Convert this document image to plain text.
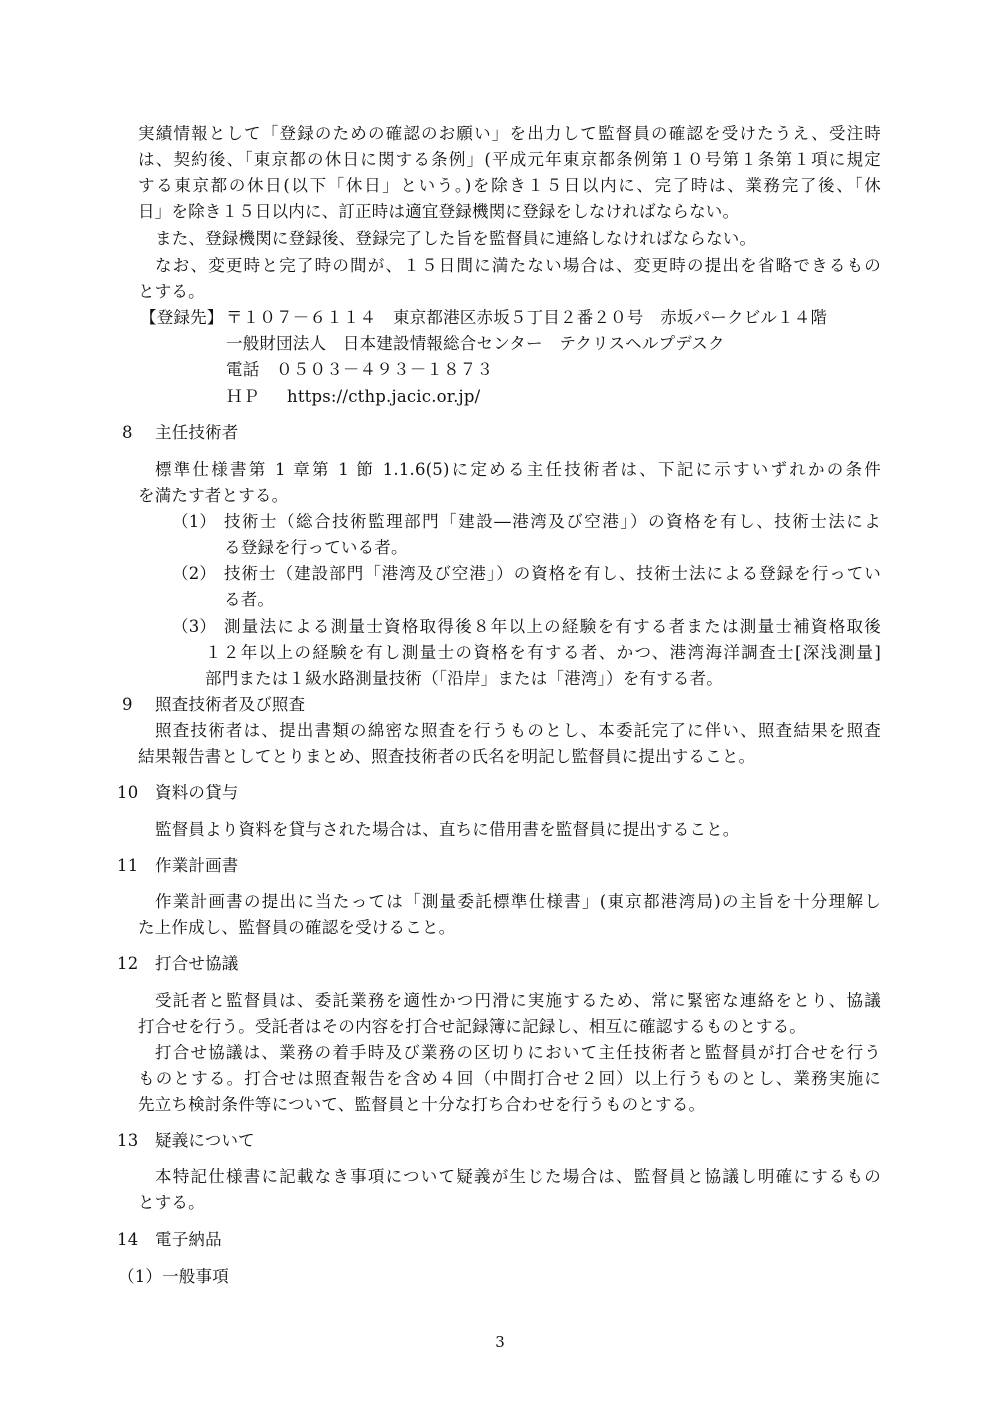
実績情報として「登録のための確認のお願い」を出力して監督員の確認を受けたうえ、受注時

は、契約後、「東京都の休日に関する条例」(平成元年東京都条例第１０号第１条第１項に規定

する東京都の休日(以下「休日」という。)を除き１５日以内に、完了時は、業務完了後、「休

日」を除き１５日以内に、訂正時は適宜登録機関に登録をしなければならない。

また、登録機関に登録後、登録完了した旨を監督員に連絡しなければならない。

なお、変更時と完了時の間が、１５日間に満たない場合は、変更時の提出を省略できるもの

とする。

【登録先】 〒１０７－６１１４　東京都港区赤坂５丁目２番２０号　赤坂パークビル１４階

一般財団法人　日本建設情報総合センター　テクリスヘルプデスク

電話　０５０３－４９３－１８７３

ＨＰ https://cthp.jacic.or.jp/

8 主任技術者

標準仕様書第 1 章第 1 節 1.1.6(5)に定める主任技術者は、下記に示すいずれかの条件

を満たす者とする。

（1） 技術士（総合技術監理部門「建設―港湾及び空港」）の資格を有し、技術士法によ

る登録を行っている者。

（2） 技術士（建設部門「港湾及び空港」）の資格を有し、技術士法による登録を行ってい

る者。

（3） 測量法による測量士資格取得後８年以上の経験を有する者または測量士補資格取後

１２年以上の経験を有し測量士の資格を有する者、かつ、港湾海洋調査士[深浅測量]

部門または１級水路測量技術（「沿岸」または「港湾」）を有する者。

9 照査技術者及び照査

照査技術者は、提出書類の綿密な照査を行うものとし、本委託完了に伴い、照査結果を照査

結果報告書としてとりまとめ、照査技術者の氏名を明記し監督員に提出すること。

10 資料の貸与

監督員より資料を貸与された場合は、直ちに借用書を監督員に提出すること。

11 作業計画書

作業計画書の提出に当たっては「測量委託標準仕様書」(東京都港湾局)の主旨を十分理解し

た上作成し、監督員の確認を受けること。

12 打合せ協議

受託者と監督員は、委託業務を適性かつ円滑に実施するため、常に緊密な連絡をとり、協議

打合せを行う。受託者はその内容を打合せ記録簿に記録し、相互に確認するものとする。

打合せ協議は、業務の着手時及び業務の区切りにおいて主任技術者と監督員が打合せを行う

ものとする。打合せは照査報告を含め４回（中間打合せ２回）以上行うものとし、業務実施に

先立ち検討条件等について、監督員と十分な打ち合わせを行うものとする。

13 疑義について

本特記仕様書に記載なき事項について疑義が生じた場合は、監督員と協議し明確にするもの

とする。

14 電子納品

（1）一般事項

3
